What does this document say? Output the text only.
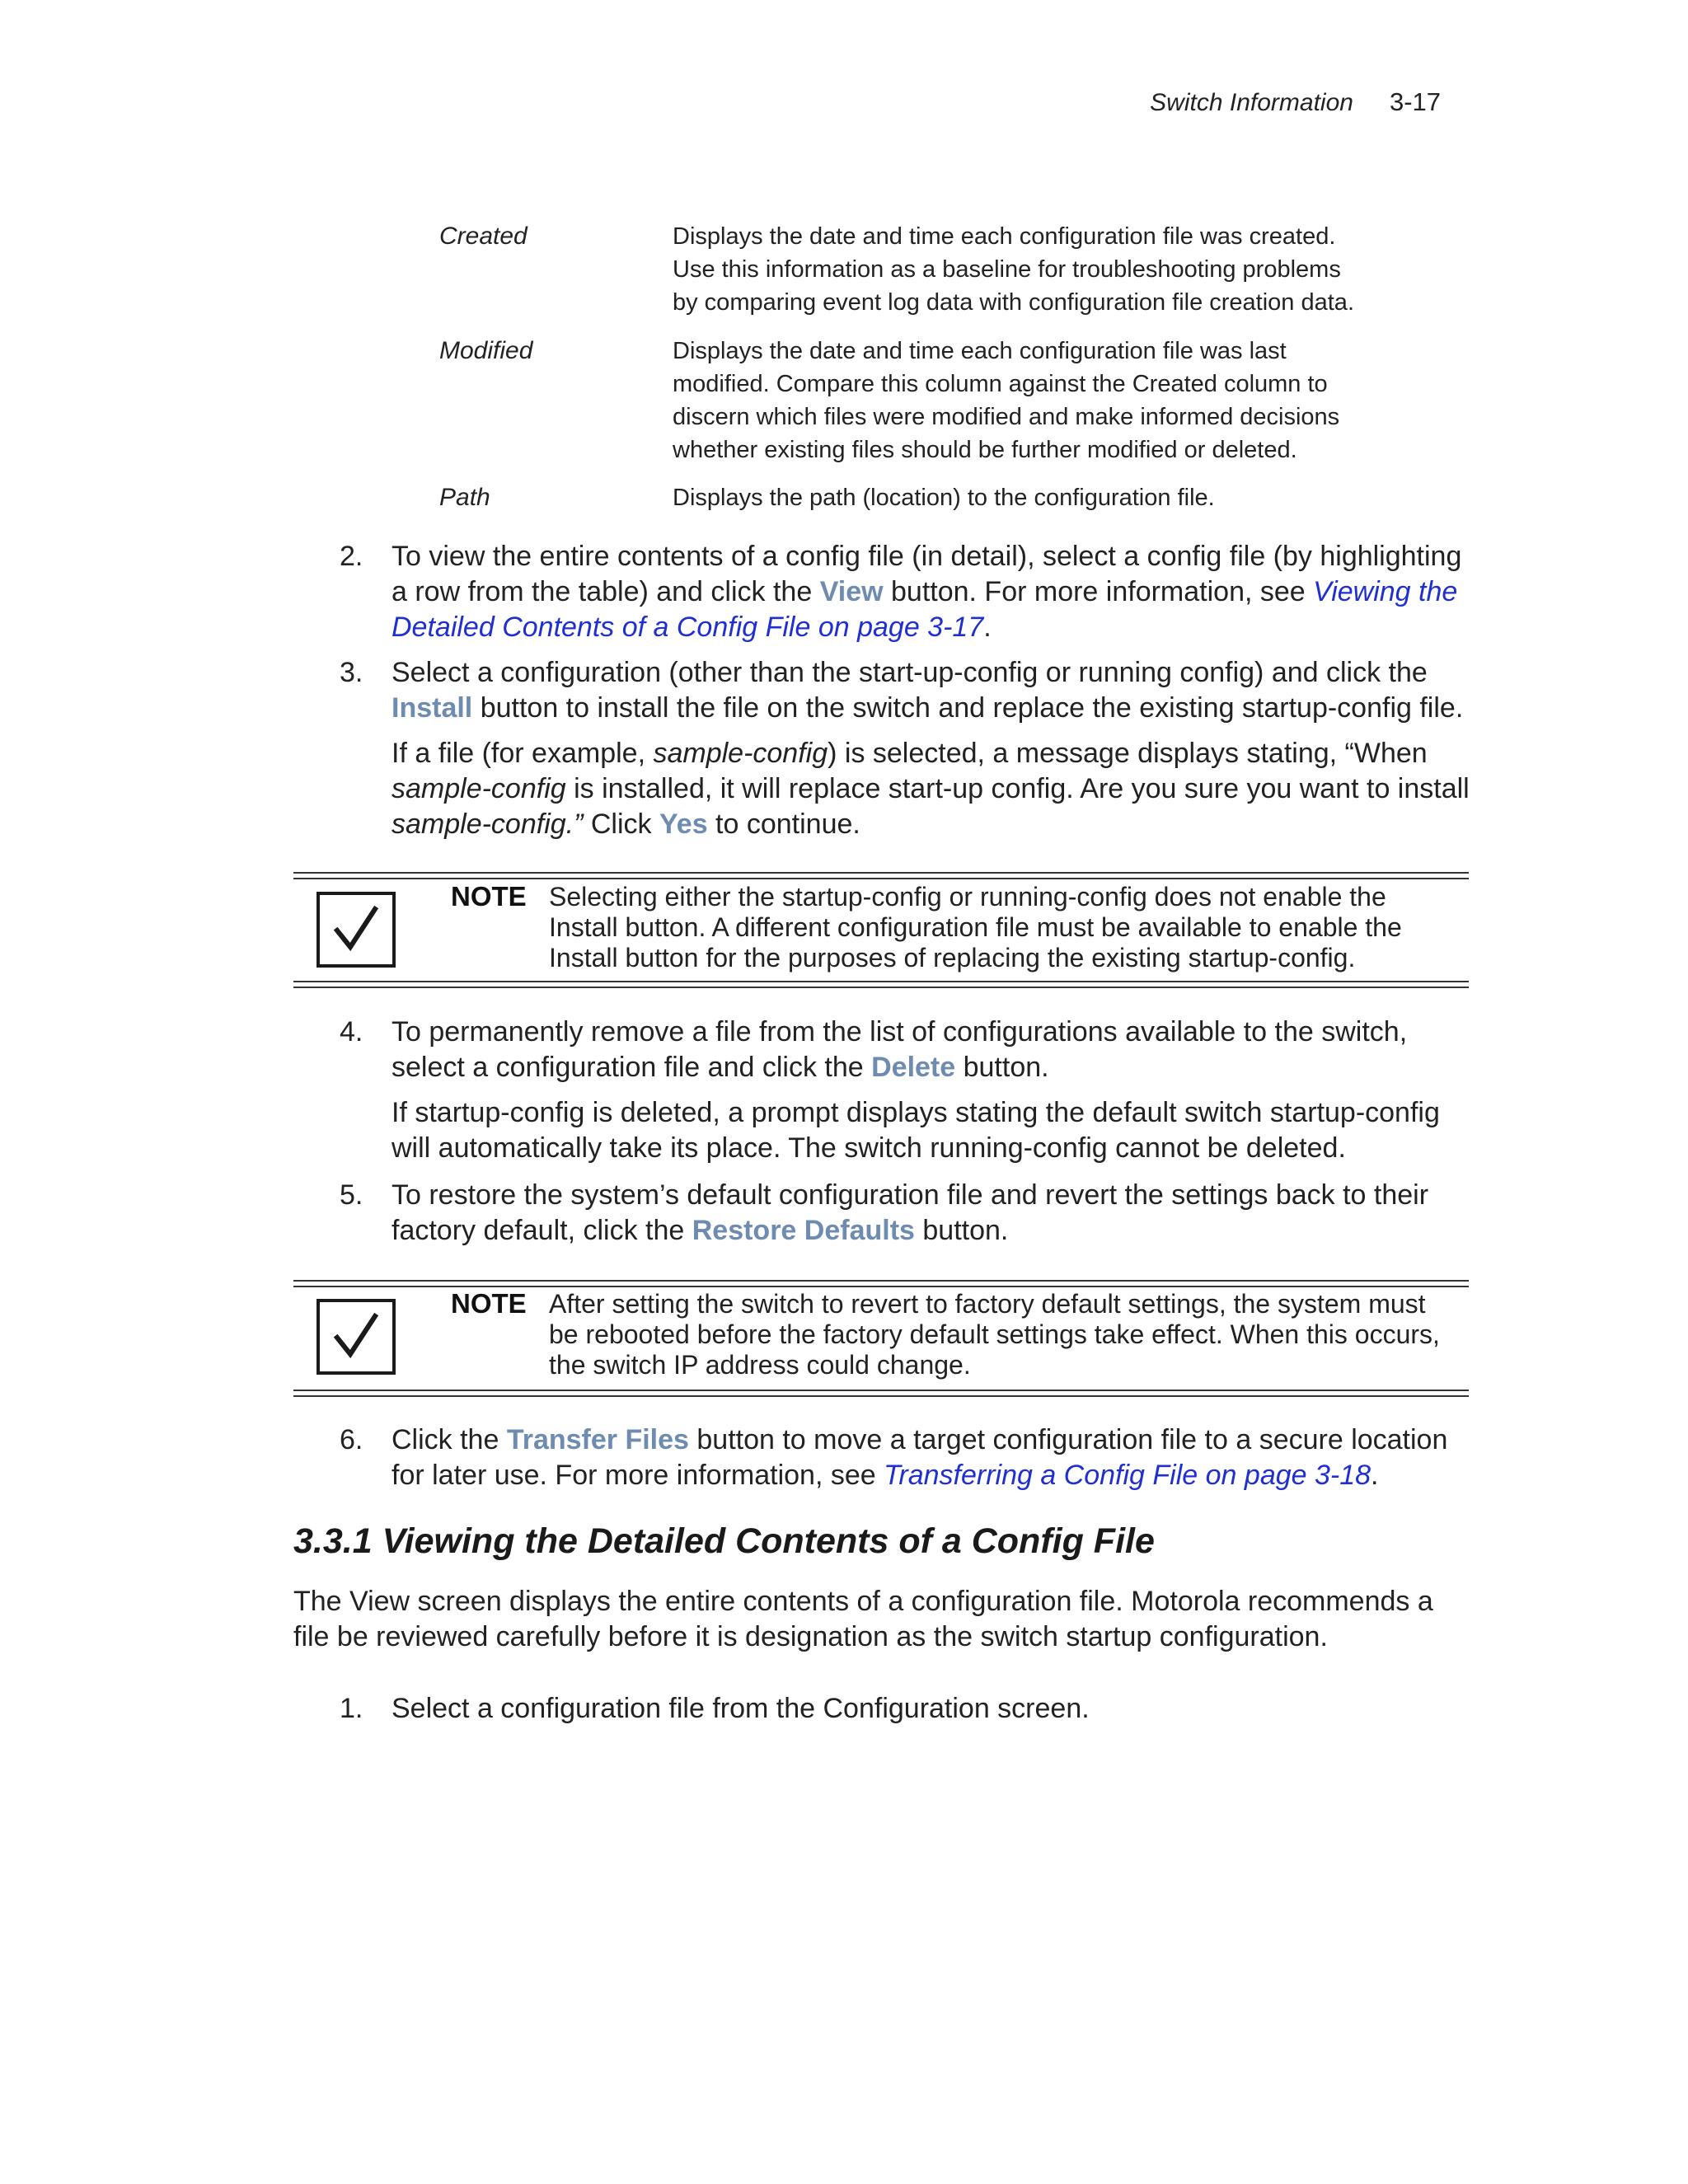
Switch Information 3-17
Created	Displays the date and time each configuration file was created. Use this information as a baseline for troubleshooting problems by comparing event log data with configuration file creation data.
Modified	Displays the date and time each configuration file was last modified. Compare this column against the Created column to discern which files were modified and make informed decisions whether existing files should be further modified or deleted.
Path	Displays the path (location) to the configuration file.
2. To view the entire contents of a config file (in detail), select a config file (by highlighting a row from the table) and click the View button. For more information, see Viewing the Detailed Contents of a Config File on page 3-17.
3. Select a configuration (other than the start-up-config or running config) and click the Install button to install the file on the switch and replace the existing startup-config file.
If a file (for example, sample-config) is selected, a message displays stating, “When sample-config is installed, it will replace start-up config. Are you sure you want to install sample-config.” Click Yes to continue.
NOTE Selecting either the startup-config or running-config does not enable the Install button. A different configuration file must be available to enable the Install button for the purposes of replacing the existing startup-config.
4. To permanently remove a file from the list of configurations available to the switch, select a configuration file and click the Delete button.
If startup-config is deleted, a prompt displays stating the default switch startup-config will automatically take its place. The switch running-config cannot be deleted.
5. To restore the system’s default configuration file and revert the settings back to their factory default, click the Restore Defaults button.
NOTE After setting the switch to revert to factory default settings, the system must be rebooted before the factory default settings take effect. When this occurs, the switch IP address could change.
6. Click the Transfer Files button to move a target configuration file to a secure location for later use. For more information, see Transferring a Config File on page 3-18.
3.3.1 Viewing the Detailed Contents of a Config File
The View screen displays the entire contents of a configuration file. Motorola recommends a file be reviewed carefully before it is designation as the switch startup configuration.
1. Select a configuration file from the Configuration screen.
